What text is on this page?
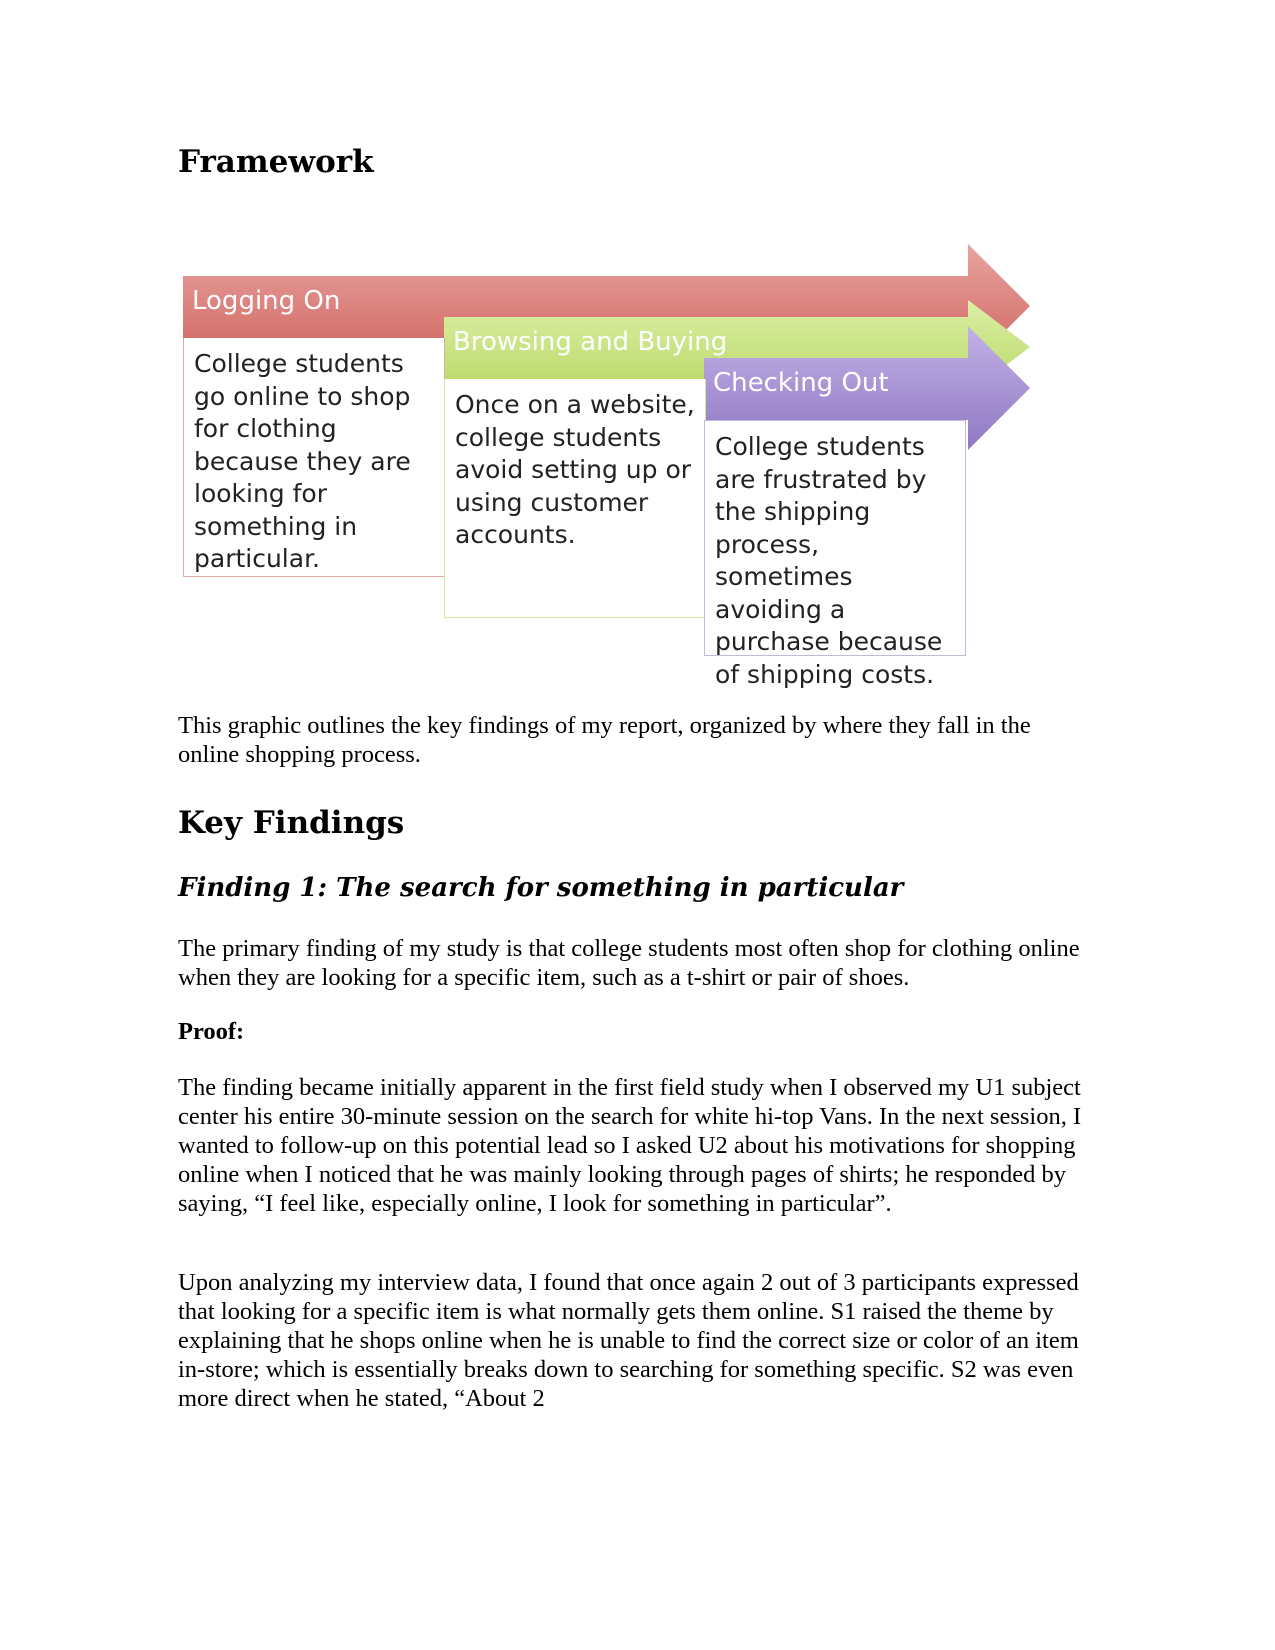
Framework
Logging On
College students go online to shop for clothing because they are looking for something in particular.
Once on a website, college students avoid setting up or using customer accounts.
College students are frustrated by the shipping process, sometimes avoiding a purchase because of shipping costs.
Browsing and Buying
Checking Out

This graphic outlines the key findings of my report, organized by where they fall in the online shopping process.

Key Findings
Finding 1: The search for something in particular

The primary finding of my study is that college students most often shop for clothing online when they are looking for a specific item, such as a t-shirt or pair of shoes.

Proof:

The finding became initially apparent in the first field study when I observed my U1 subject center his entire 30-minute session on the search for white hi-top Vans. In the next session, I wanted to follow-up on this potential lead so I asked U2 about his motivations for shopping online when I noticed that he was mainly looking through pages of shirts; he responded by saying, “I feel like, especially online, I look for something in particular”.

Upon analyzing my interview data, I found that once again 2 out of 3 participants expressed that looking for a specific item is what normally gets them online. S1 raised the theme by explaining that he shops online when he is unable to find the correct size or color of an item in-store; which is essentially breaks down to searching for something specific. S2 was even more direct when he stated, “About 2
